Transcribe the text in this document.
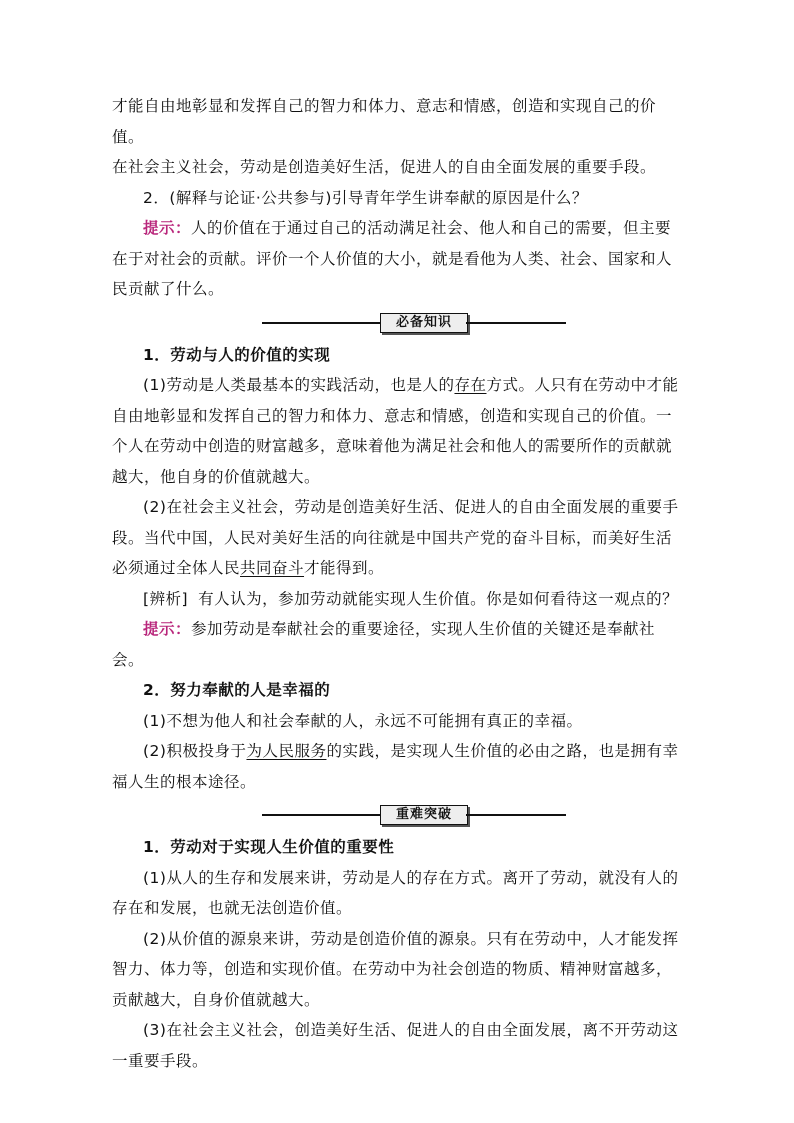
才能自由地彰显和发挥自己的智力和体力、意志和情感，创造和实现自己的价值。

在社会主义社会，劳动是创造美好生活，促进人的自由全面发展的重要手段。

2．(解释与论证·公共参与)引导青年学生讲奉献的原因是什么？

提示：人的价值在于通过自己的活动满足社会、他人和自己的需要，但主要在于对社会的贡献。评价一个人价值的大小，就是看他为人类、社会、国家和人民贡献了什么。

必备知识

1．劳动与人的价值的实现

(1)劳动是人类最基本的实践活动，也是人的存在方式。人只有在劳动中才能自由地彰显和发挥自己的智力和体力、意志和情感，创造和实现自己的价值。一个人在劳动中创造的财富越多，意味着他为满足社会和他人的需要所作的贡献就越大，他自身的价值就越大。

(2)在社会主义社会，劳动是创造美好生活、促进人的自由全面发展的重要手段。当代中国，人民对美好生活的向往就是中国共产党的奋斗目标，而美好生活必须通过全体人民共同奋斗才能得到。

[辨析] 有人认为，参加劳动就能实现人生价值。你是如何看待这一观点的？

提示：参加劳动是奉献社会的重要途径，实现人生价值的关键还是奉献社会。

2．努力奉献的人是幸福的

(1)不想为他人和社会奉献的人，永远不可能拥有真正的幸福。

(2)积极投身于为人民服务的实践，是实现人生价值的必由之路，也是拥有幸福人生的根本途径。

重难突破

1．劳动对于实现人生价值的重要性

(1)从人的生存和发展来讲，劳动是人的存在方式。离开了劳动，就没有人的存在和发展，也就无法创造价值。

(2)从价值的源泉来讲，劳动是创造价值的源泉。只有在劳动中，人才能发挥智力、体力等，创造和实现价值。在劳动中为社会创造的物质、精神财富越多，贡献越大，自身价值就越大。

(3)在社会主义社会，创造美好生活、促进人的自由全面发展，离不开劳动这一重要手段。
